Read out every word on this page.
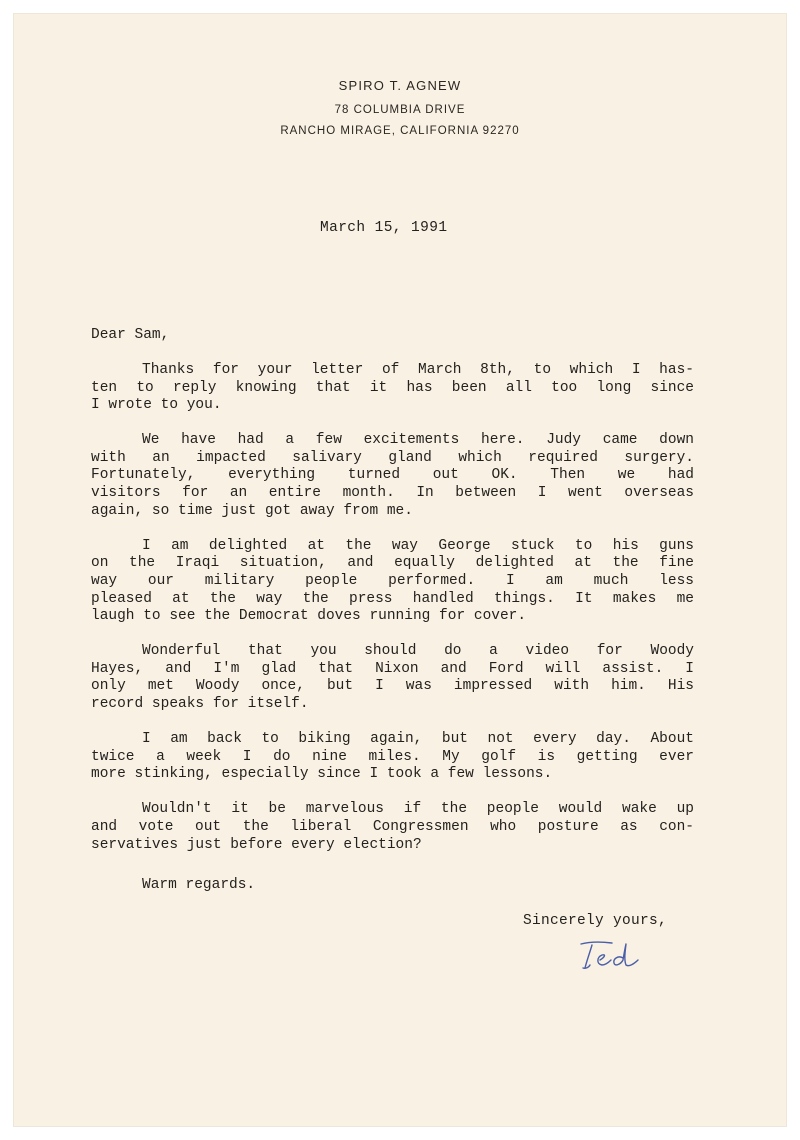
SPIRO T. AGNEW
78 COLUMBIA DRIVE
RANCHO MIRAGE, CALIFORNIA 92270
March 15, 1991
Dear Sam,
Thanks for your letter of March 8th, to which I has-
ten to reply knowing that it has been all too long since
I wrote to you.
We have had a few excitements here. Judy came down
with an impacted salivary gland which required surgery.
Fortunately, everything turned out OK. Then we had
visitors for an entire month. In between I went overseas
again, so time just got away from me.
I am delighted at the way George stuck to his guns
on the Iraqi situation, and equally delighted at the fine
way our military people performed. I am much less
pleased at the way the press handled things. It makes me
laugh to see the Democrat doves running for cover.
Wonderful that you should do a video for Woody
Hayes, and I'm glad that Nixon and Ford will assist. I
only met Woody once, but I was impressed with him. His
record speaks for itself.
I am back to biking again, but not every day. About
twice a week I do nine miles. My golf is getting ever
more stinking, especially since I took a few lessons.
Wouldn't it be marvelous if the people would wake up
and vote out the liberal Congressmen who posture as con-
servatives just before every election?
Warm regards.
Sincerely yours,
